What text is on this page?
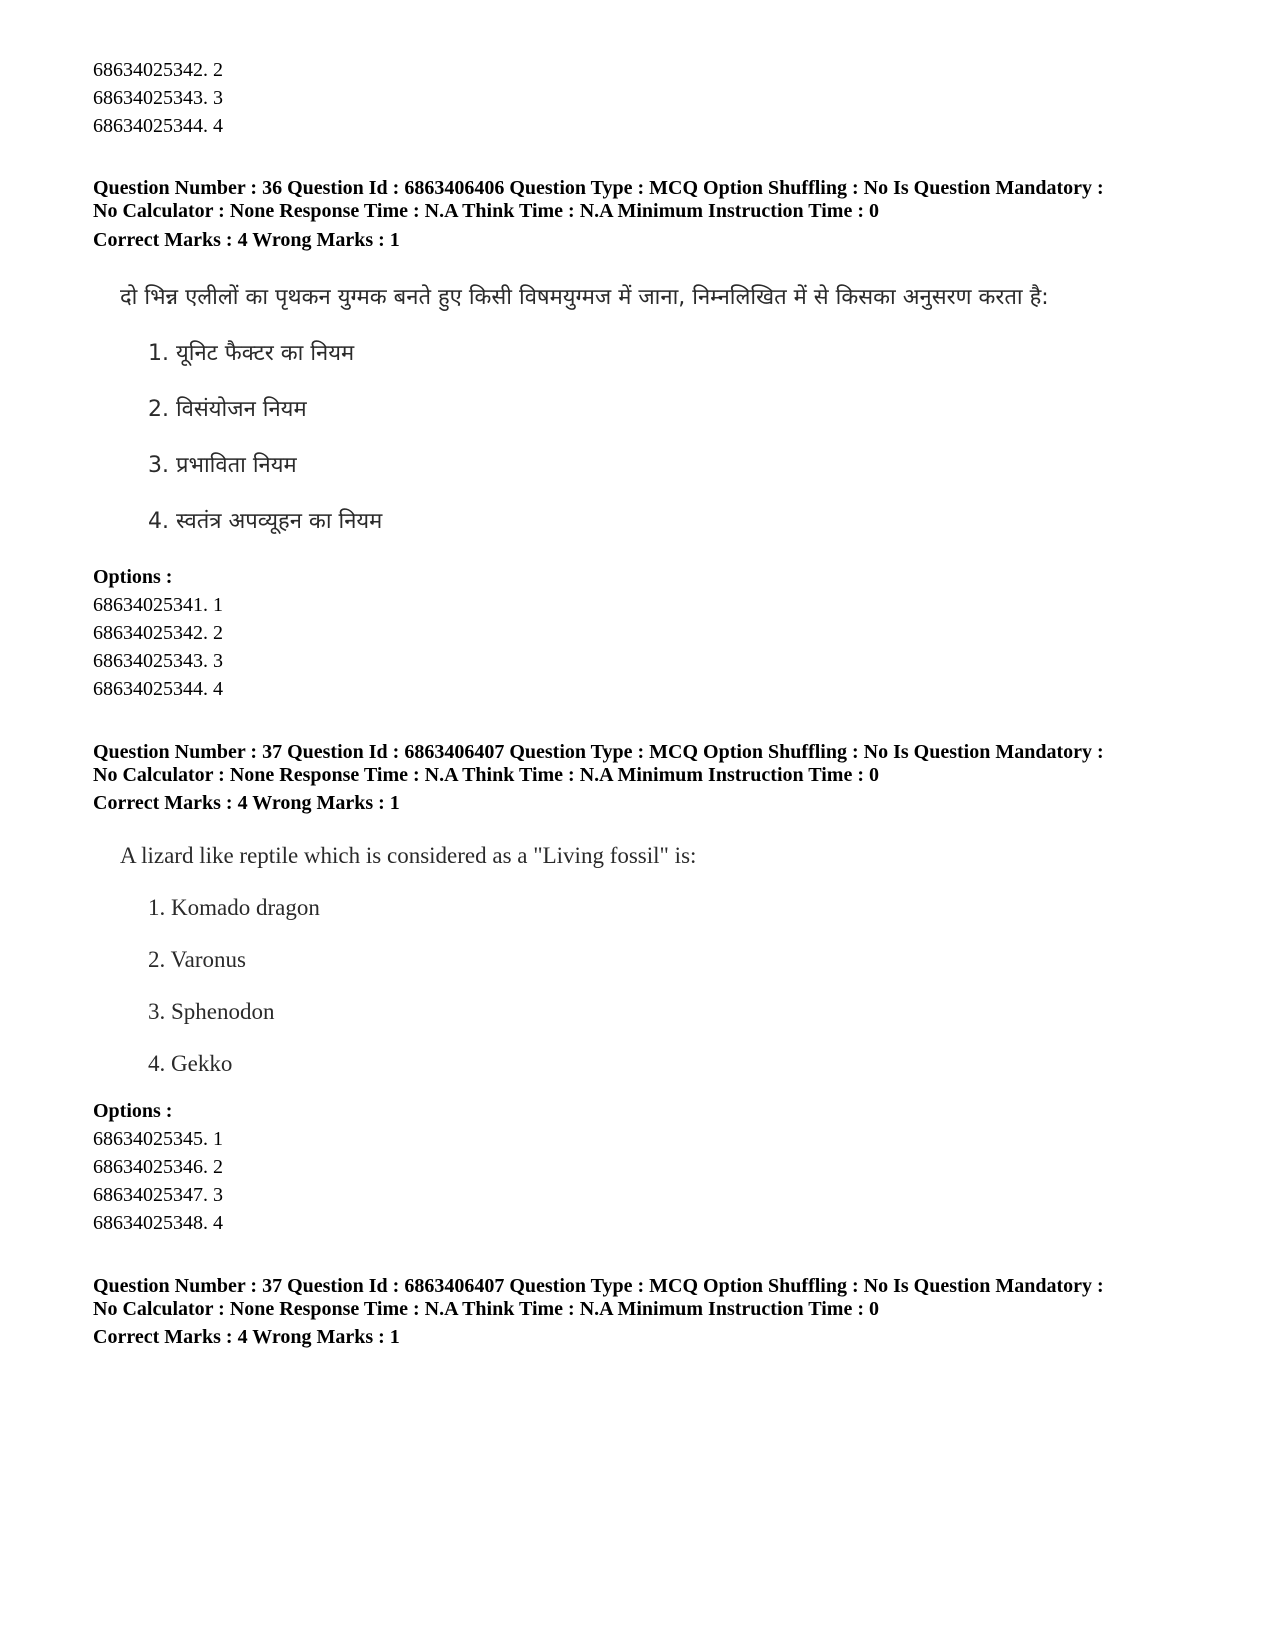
68634025342. 2
68634025343. 3
68634025344. 4
Question Number : 36 Question Id : 6863406406 Question Type : MCQ Option Shuffling : No Is Question Mandatory :
No Calculator : None Response Time : N.A Think Time : N.A Minimum Instruction Time : 0
Correct Marks : 4 Wrong Marks : 1
दो भिन्न एलीलों का पृथकन युग्मक बनते हुए किसी विषमयुग्मज में जाना, निम्नलिखित में से किसका अनुसरण करता है:
1. यूनिट फैक्टर का नियम
2. विसंयोजन नियम
3. प्रभाविता नियम
4. स्वतंत्र अपव्यूहन का नियम
Options :
68634025341. 1
68634025342. 2
68634025343. 3
68634025344. 4
Question Number : 37 Question Id : 6863406407 Question Type : MCQ Option Shuffling : No Is Question Mandatory :
No Calculator : None Response Time : N.A Think Time : N.A Minimum Instruction Time : 0
Correct Marks : 4 Wrong Marks : 1
A lizard like reptile which is considered as a "Living fossil" is:
1. Komado dragon
2. Varonus
3. Sphenodon
4. Gekko
Options :
68634025345. 1
68634025346. 2
68634025347. 3
68634025348. 4
Question Number : 37 Question Id : 6863406407 Question Type : MCQ Option Shuffling : No Is Question Mandatory :
No Calculator : None Response Time : N.A Think Time : N.A Minimum Instruction Time : 0
Correct Marks : 4 Wrong Marks : 1
